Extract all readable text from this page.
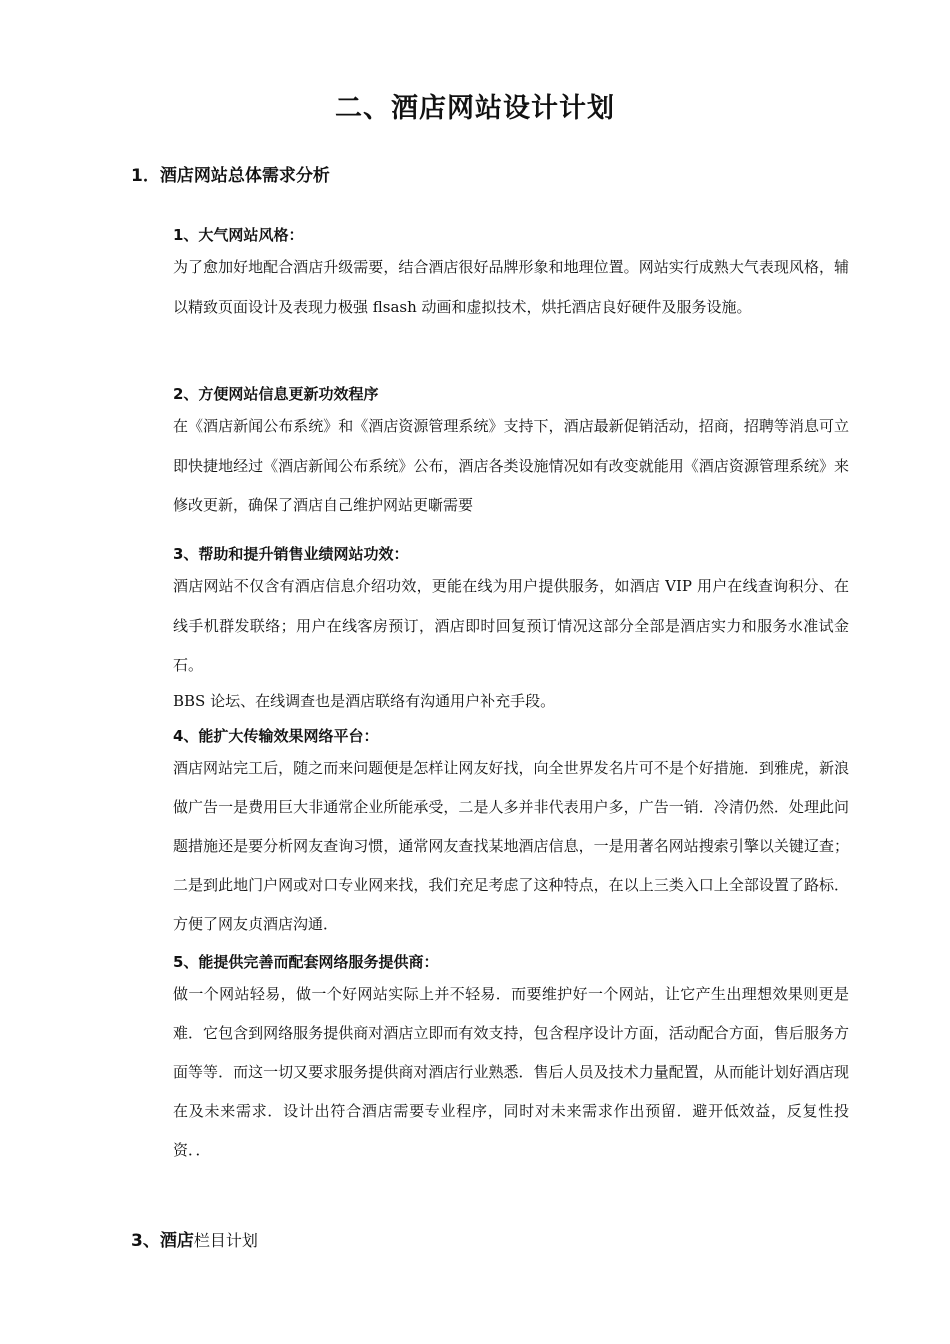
二、酒店网站设计计划
1．酒店网站总体需求分析
1、大气网站风格：

为了愈加好地配合酒店升级需要，结合酒店很好品牌形象和地理位置。网站实行成熟大气表现风格，辅以精致页面设计及表现力极强 flsash 动画和虚拟技术，烘托酒店良好硬件及服务设施。

2、方便网站信息更新功效程序

在《酒店新闻公布系统》和《酒店资源管理系统》支持下，酒店最新促销活动，招商，招聘等消息可立即快捷地经过《酒店新闻公布系统》公布，酒店各类设施情况如有改变就能用《酒店资源管理系统》来修改更新，确保了酒店自己维护网站更噺需要

3、帮助和提升销售业绩网站功效：

酒店网站不仅含有酒店信息介绍功效，更能在线为用户提供服务，如酒店 VIP 用户在线查询积分、在线手机群发联络；用户在线客房预订，酒店即时回复预订情况这部分全部是酒店实力和服务水准试金石。

BBS 论坛、在线调查也是酒店联络有沟通用户补充手段。
4、能扩大传输效果网络平台：

酒店网站完工后，随之而来问题便是怎样让网友好找，向全世界发名片可不是个好措施．到雅虎，新浪做广告一是费用巨大非通常企业所能承受，二是人多并非代表用户多，广告一销．冷清仍然．处理此问题措施还是要分析网友查询习惯，通常网友查找某地酒店信息，一是用著名网站搜索引擎以关键辽查；二是到此地门户网或对口专业网来找，我们充足考虑了这种特点，在以上三类入口上全部设置了路标．方便了网友贞酒店沟通．

5、能提供完善而配套网络服务提供商：

做一个网站轻易，做一个好网站实际上并不轻易．而要维护好一个网站，让它产生出理想效果则更是难．它包含到网络服务提供商对酒店立即而有效支持，包含程序设计方面，活动配合方面，售后服务方面等等．而这一切又要求服务提供商对酒店行业熟悉．售后人员及技术力量配置，从而能计划好酒店现在及未来需求．设计出符合酒店需要专业程序，同时对未来需求作出预留．避开低效益，反复性投资．．

3、酒店栏目计划
